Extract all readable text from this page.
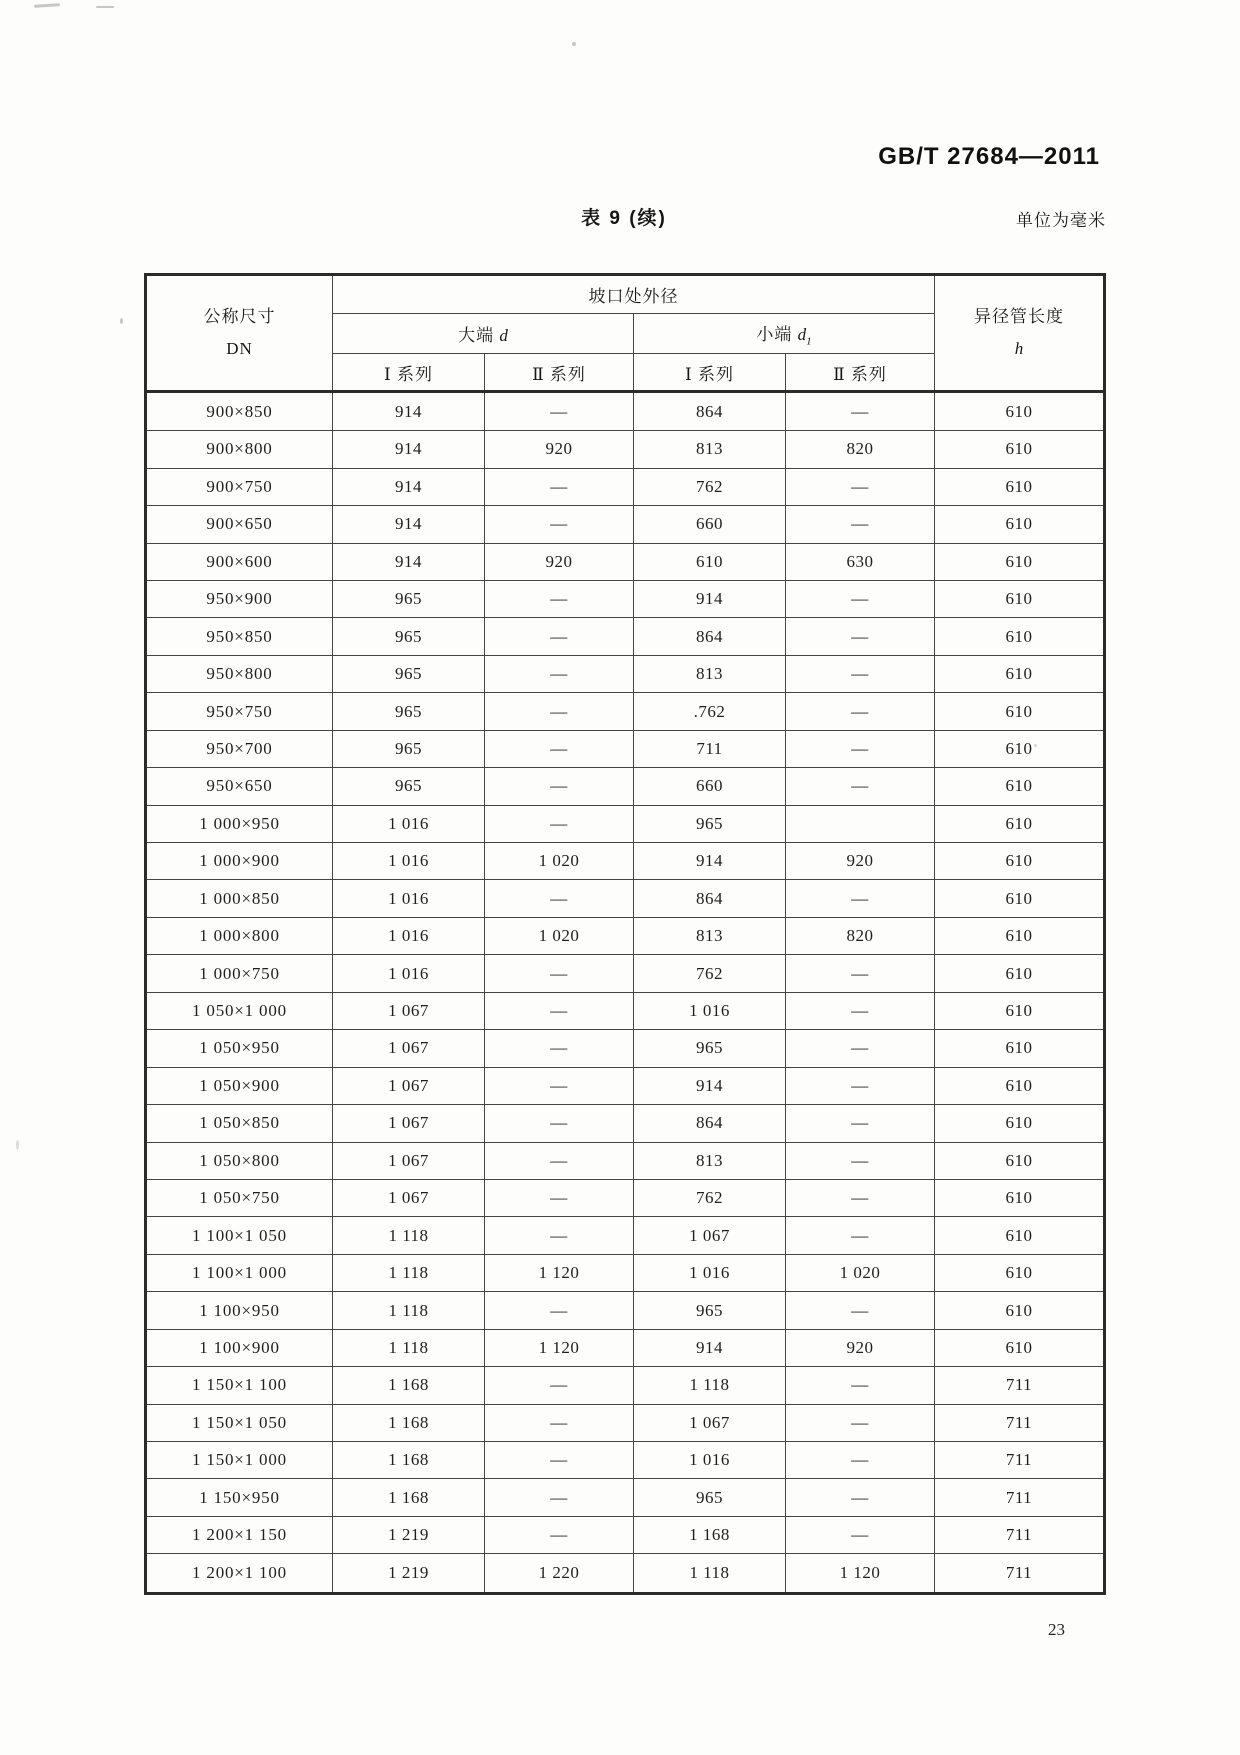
GB/T 27684—2011
表 9 (续)	单位为毫米
公称尺寸
DN	坡口处外径				异径管长度
h

	大端 d		小端 $d_1$
	Ⅰ 系列	Ⅱ 系列	Ⅰ 系列	Ⅱ 系列	
900×850	914	—	864	—	610
900×800	914	920	813	820	610
900×750	914	—	762	—	610
900×650	914	—	660	—	610
900×600	914	920	610	630	610
950×900	965	—	914	—	610
950×850	965	—	864	—	610
950×800	965	—	813	—	610
950×750	965	—	.762	—	610
950×700	965	—	711	—	610
950×650	965	—	660	—	610
1 000×950	1 016	—	965		610
1 000×900	1 016	1 020	914	920	610
1 000×850	1 016	—	864	—	610
1 000×800	1 016	1 020	813	820	610
1 000×750	1 016	—	762	—	610
1 050×1 000	1 067	—	1 016	—	610
1 050×950	1 067	—	965	—	610
1 050×900	1 067	—	914	—	610
1 050×850	1 067	—	864	—	610
1 050×800	1 067	—	813	—	610
1 050×750	1 067	—	762	—	610
1 100×1 050	1 118	—	1 067	—	610
1 100×1 000	1 118	1 120	1 016	1 020	610
1 100×950	1 118	—	965	—	610
1 100×900	1 118	1 120	914	920	610
1 150×1 100	1 168	—	1 118	—	711
1 150×1 050	1 168	—	1 067	—	711
1 150×1 000	1 168	—	1 016	—	711
1 150×950	1 168	—	965	—	711
1 200×1 150	1 219	—	1 168	—	711
1 200×1 100	1 219	1 220	1 118	1 120	711
23
